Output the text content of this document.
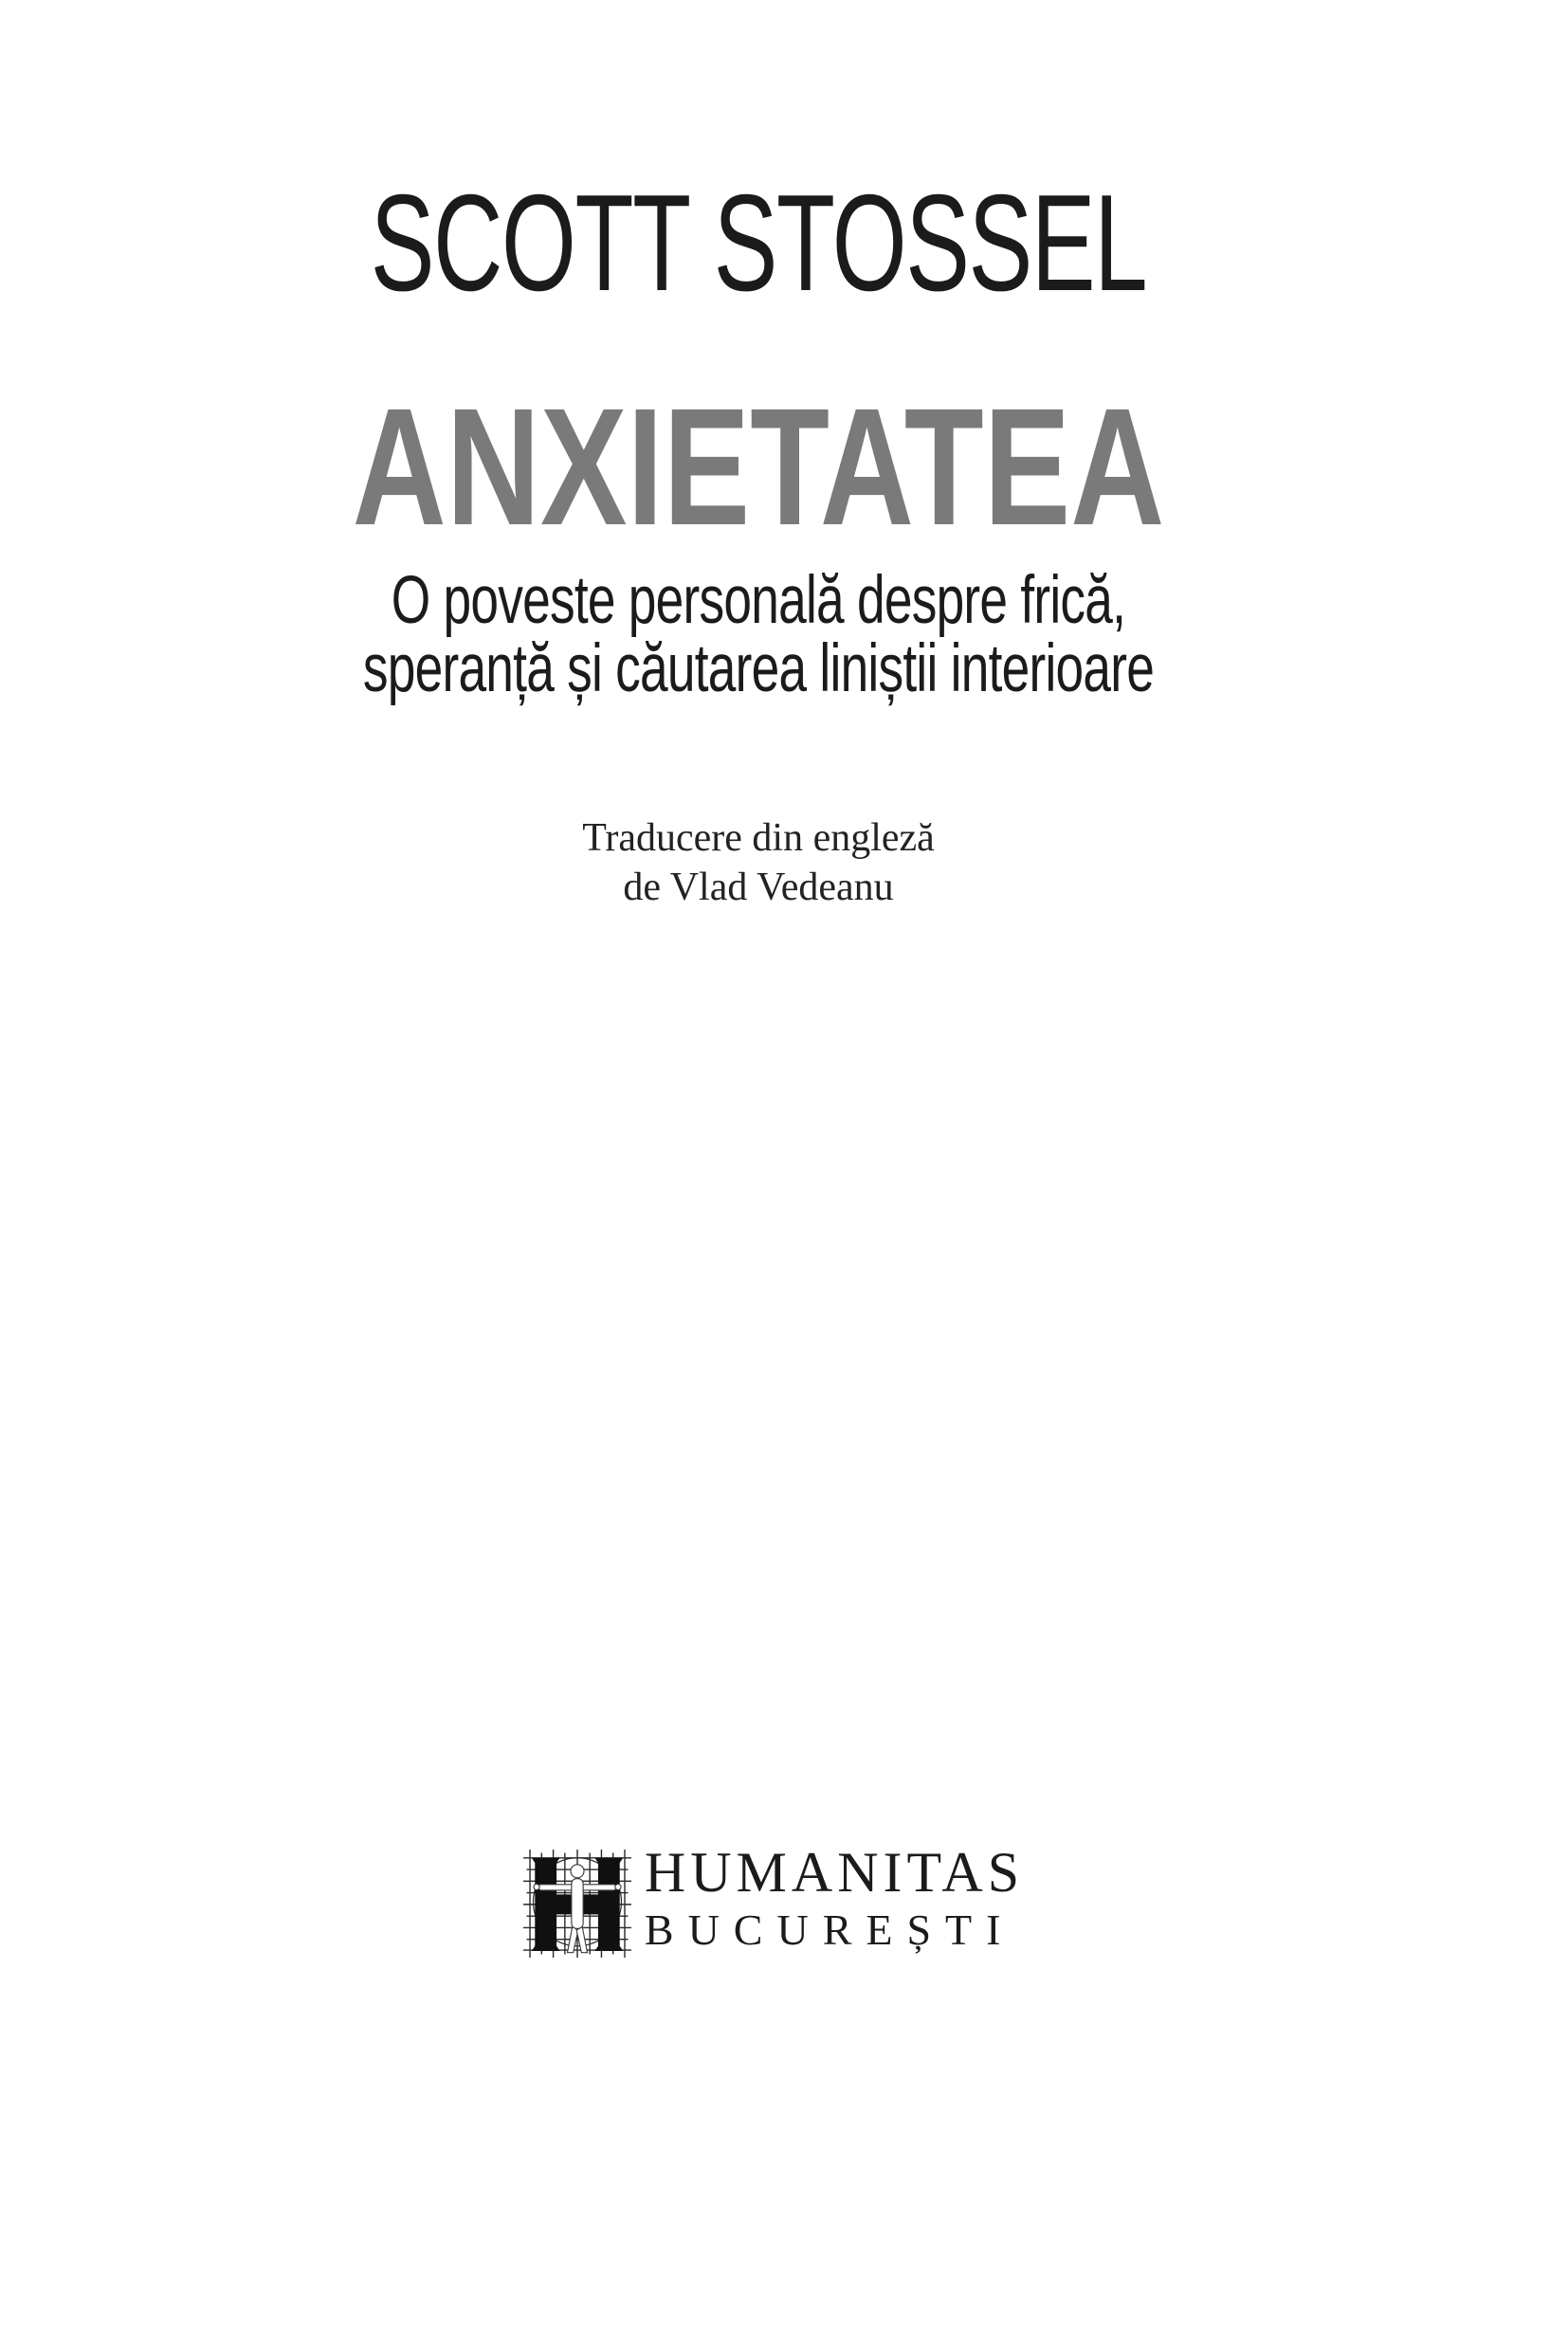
SCOTT STOSSEL
ANXIETATEA
O poveste personală despre frică,
speranță și căutarea liniștii interioare
Traducere din engleză
de Vlad Vedeanu
HUMANITAS
BUCUREȘTI
